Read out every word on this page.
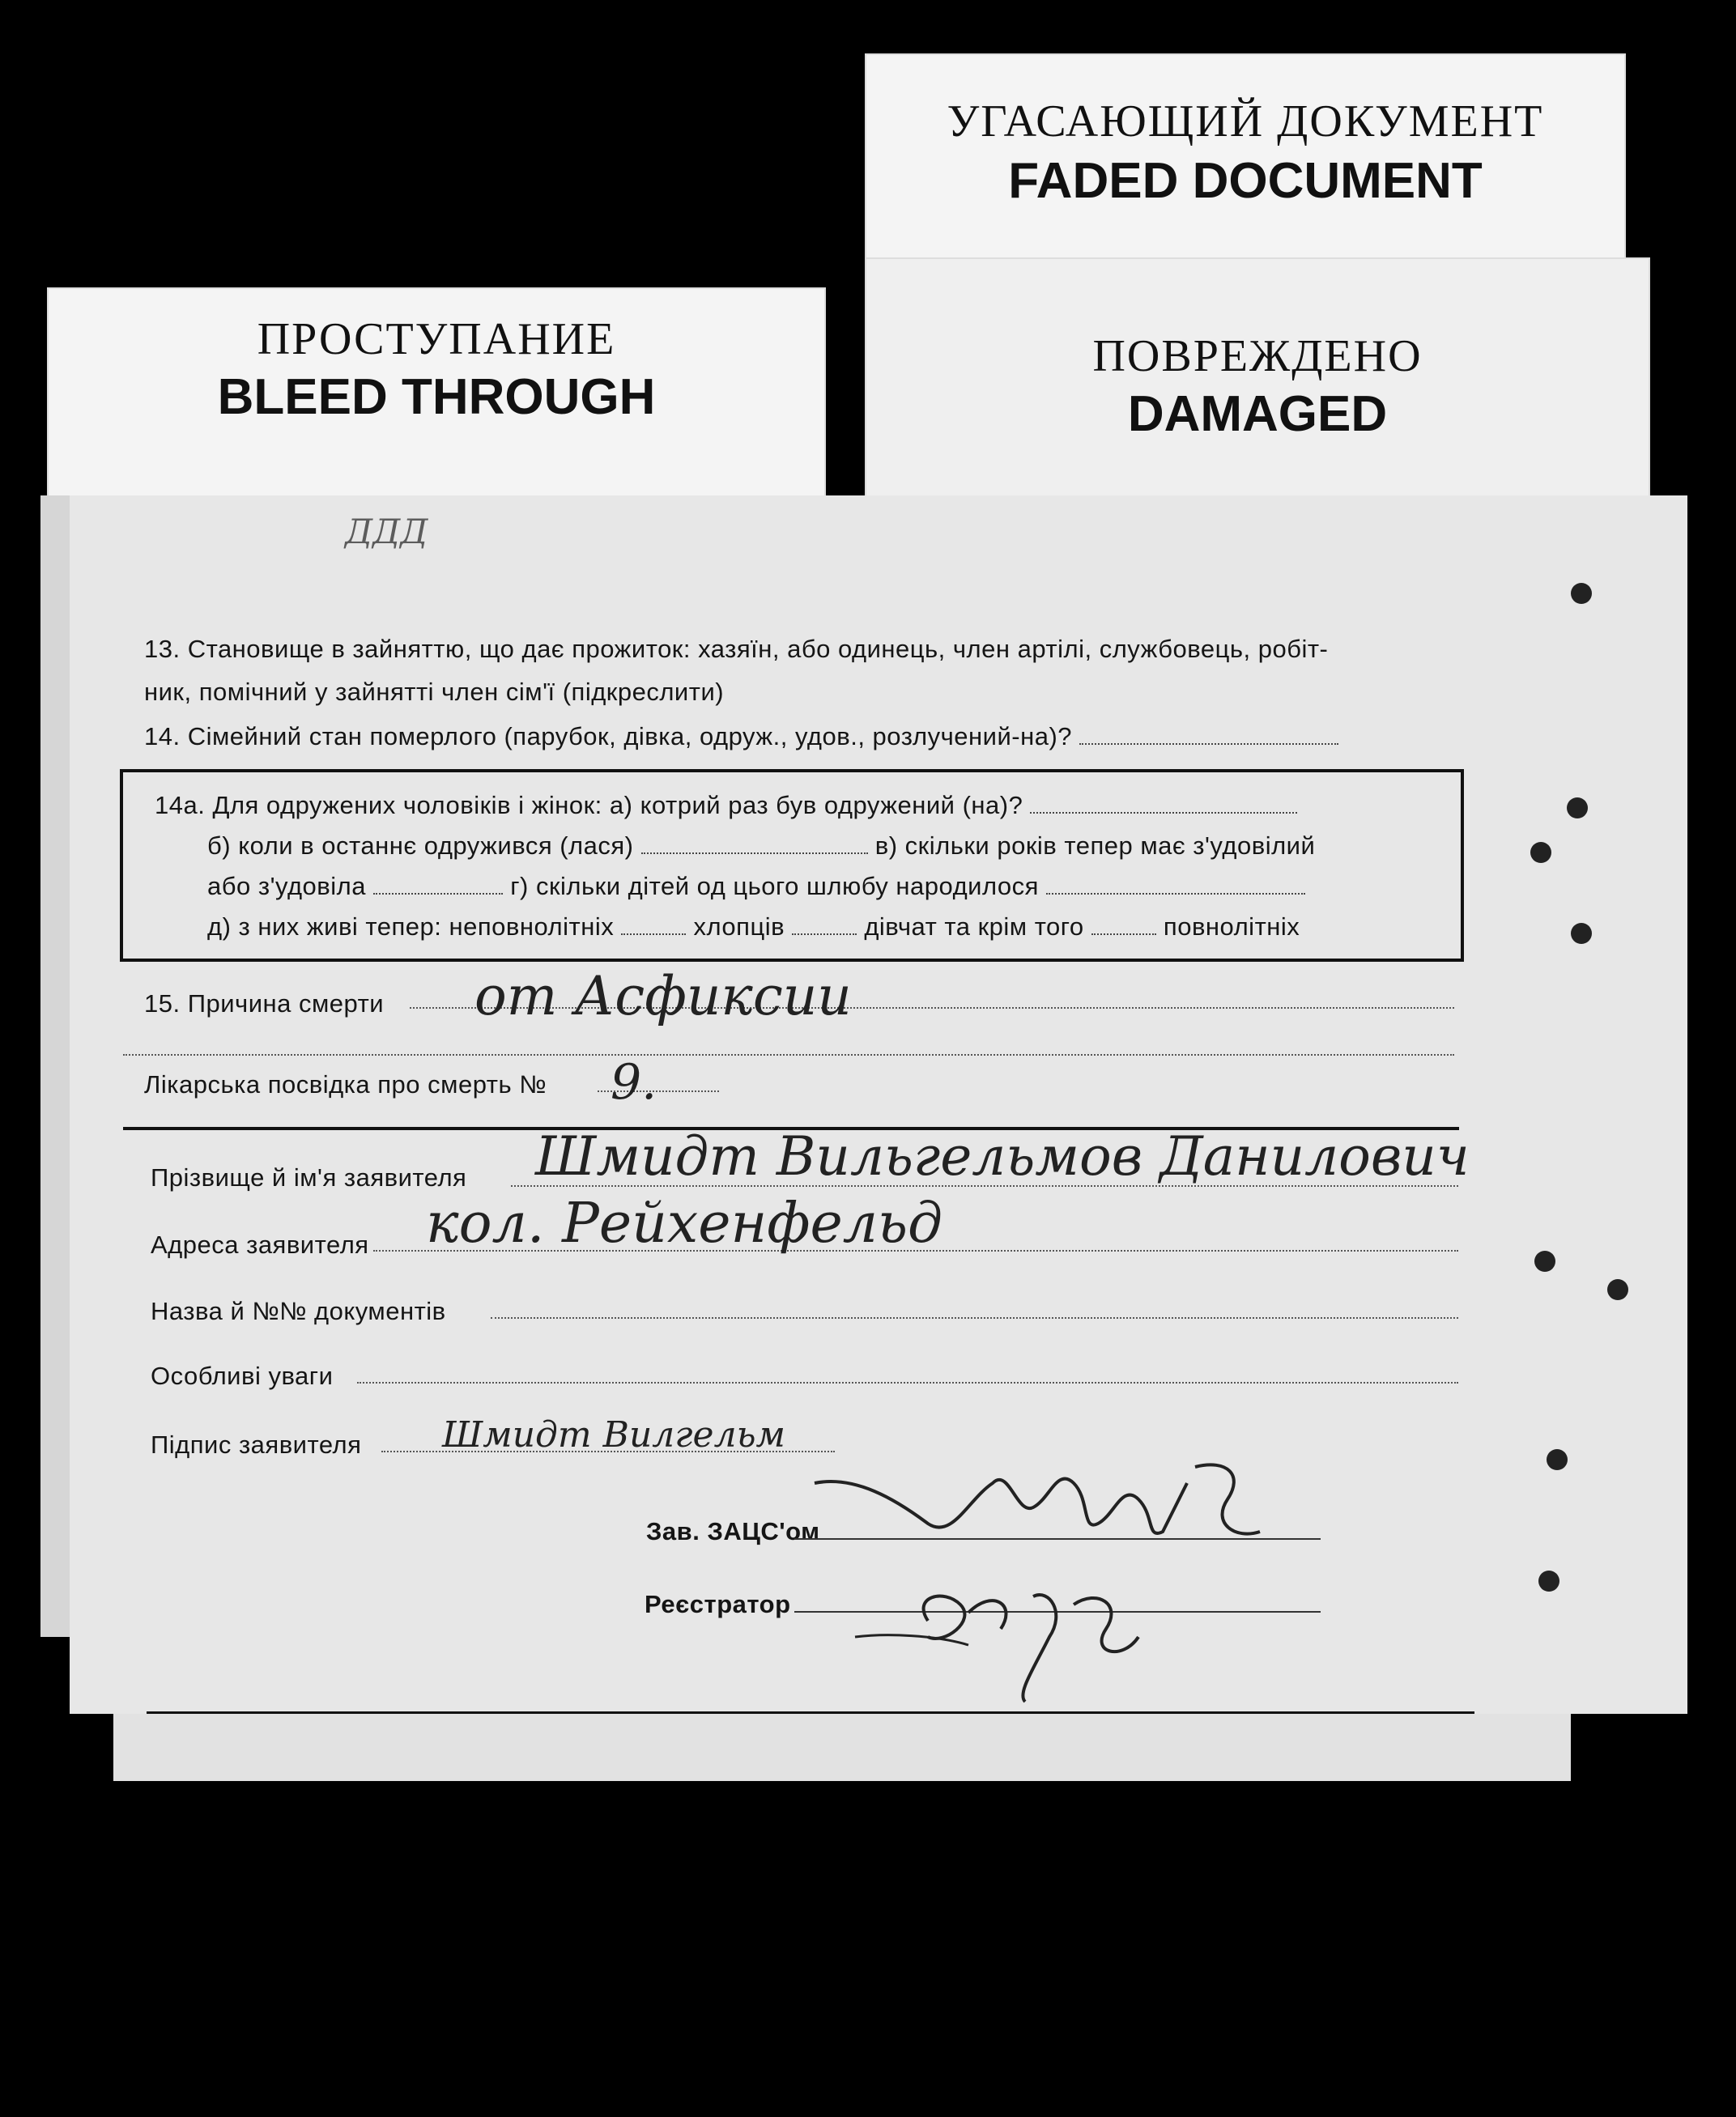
УГАСАЮЩИЙ ДОКУМЕНТ
FADED DOCUMENT
ПОВРЕЖДЕНО
DAMAGED
ПРОСТУПАНИЕ
BLEED THROUGH
ДДД
13. Становище в зайняттю, що дає прожиток: хазяїн, або одинець, член артілі, службовець, робіт-
ник, помічний у зайнятті член сім'ї (підкреслити)
14. Сімейний стан померлого (парубок, дівка, одруж., удов., розлучений-на)?
14а. Для одружених чоловіків і жінок: а) котрий раз був одружений (на)?
б) коли в останнє одружився (лася)	в) скільки років тепер має з'удовілий
або з'удовіла	г) скільки дітей од цього шлюбу народилося
д) з них живі тепер: неповнолітніх	хлопців	дівчат та крім того	повнолітніх
15. Причина смерти от Асфиксии
Лікарська посвідка про смерть № 9.
Прізвище й ім'я заявителя Шмидт Вильгельмов Данилович
Адреса заявителя кол. Рейхенфельд
Назва й №№ документів
Особливі уваги
Підпис заявителя Шмидт Вилгельм
Зав. ЗАЦС'ом
Реєстратор
